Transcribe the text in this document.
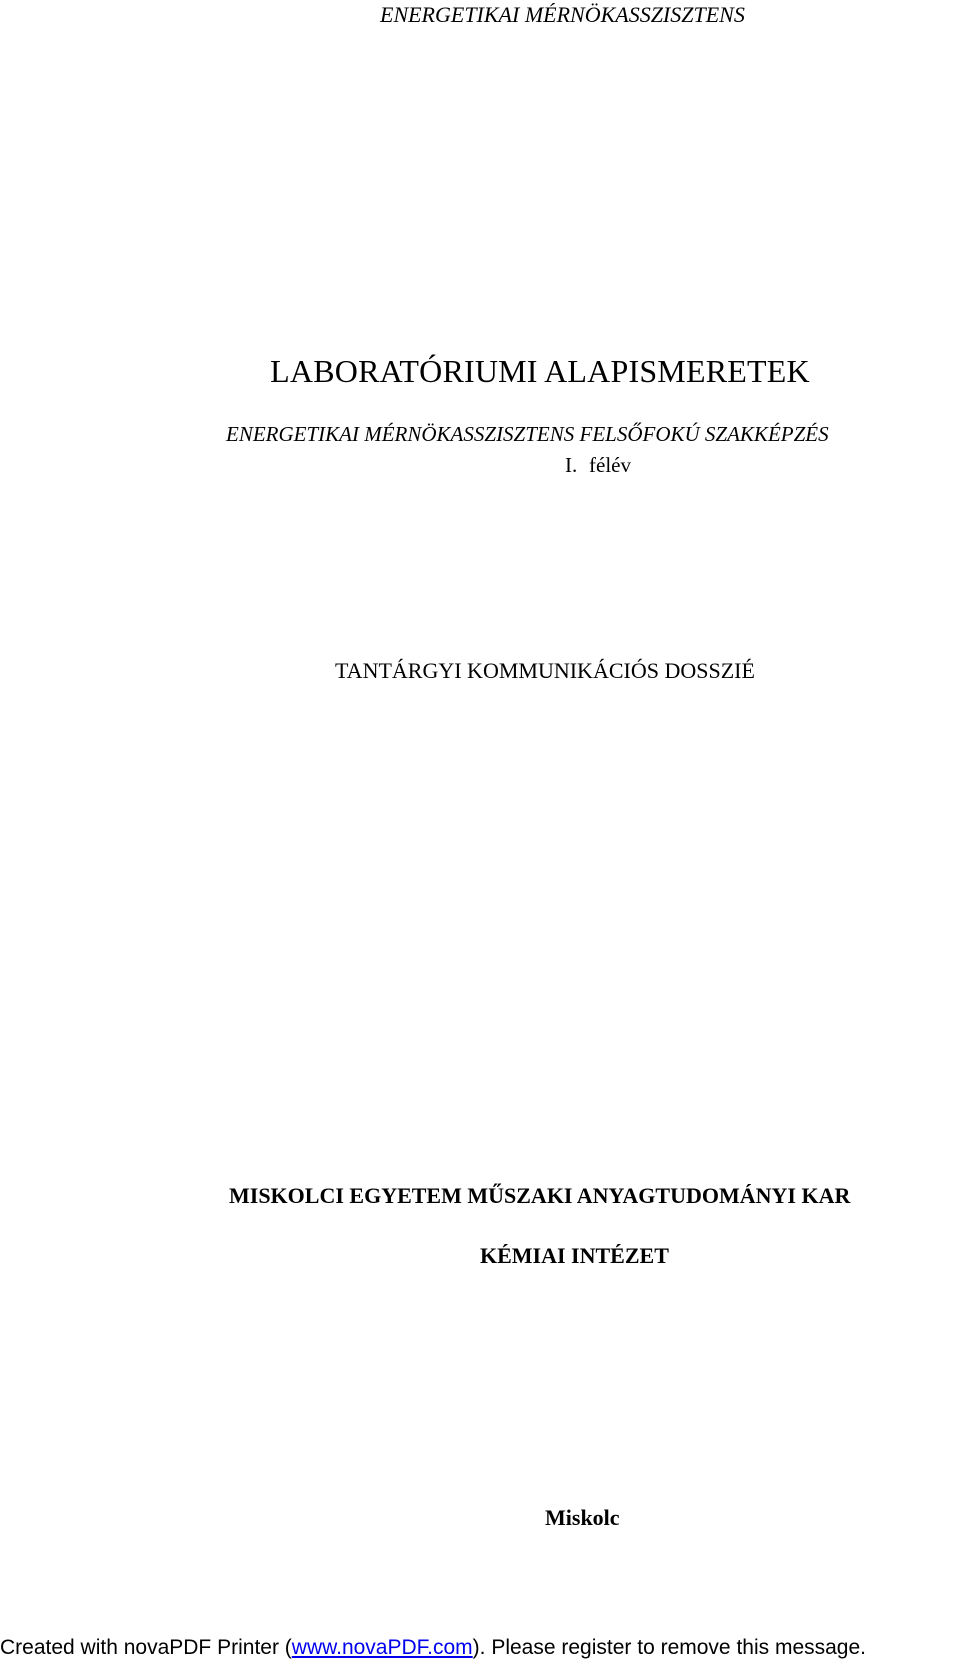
ENERGETIKAI MÉRNÖKASSZISZTENS
LABORATÓRIUMI ALAPISMERETEK
ENERGETIKAI MÉRNÖKASSZISZTENS FELSŐFOKÚ SZAKKÉPZÉS
I. félév
TANTÁRGYI KOMMUNIKÁCIÓS DOSSZIÉ
MISKOLCI EGYETEM MŰSZAKI ANYAGTUDOMÁNYI KAR
KÉMIAI INTÉZET
Miskolc
Created with novaPDF Printer (www.novaPDF.com). Please register to remove this message.
